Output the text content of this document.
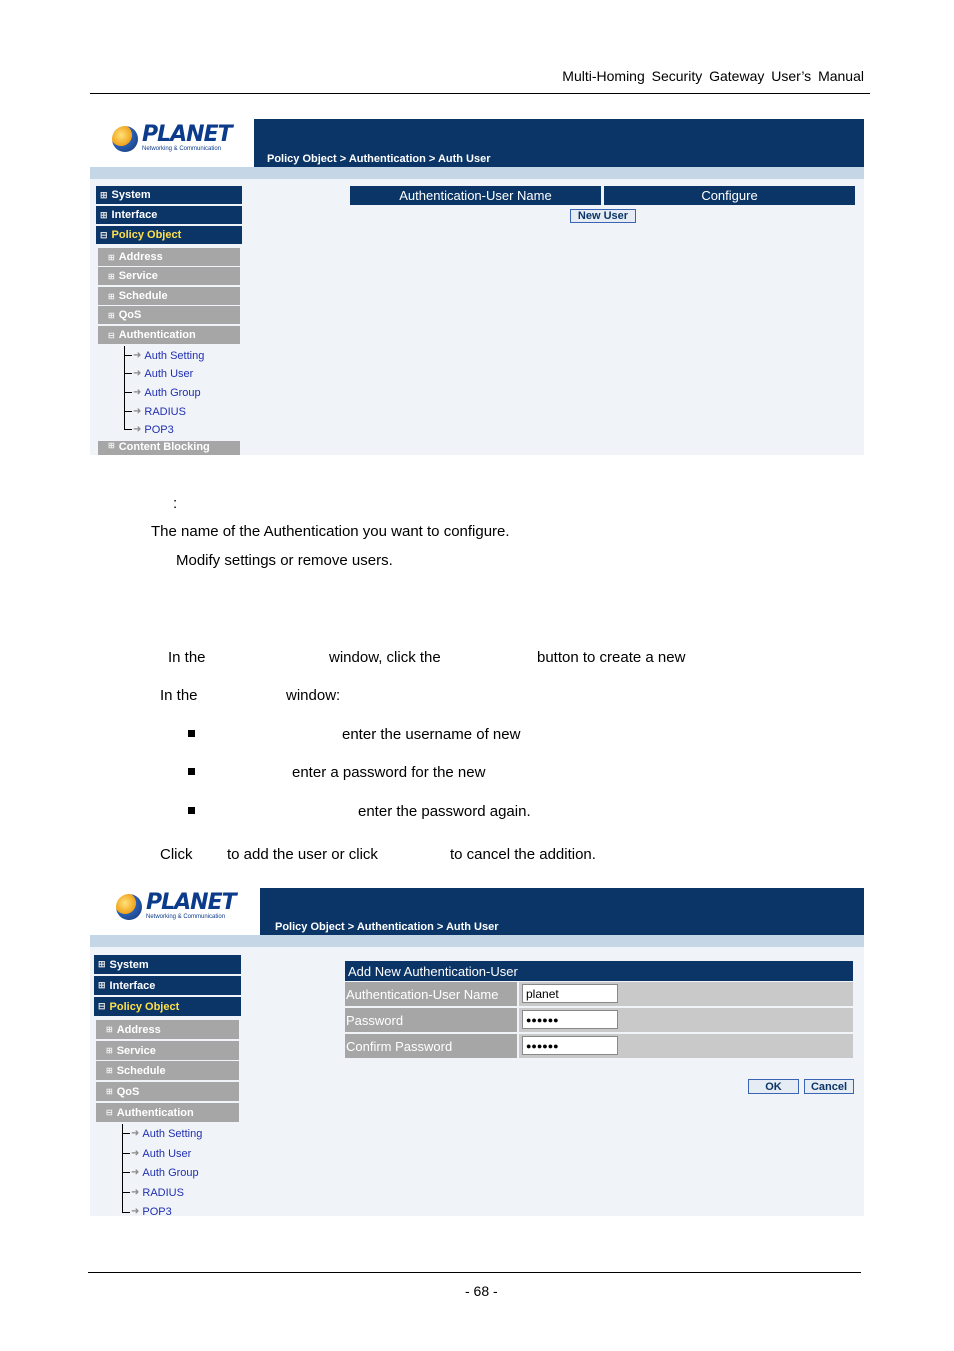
Multi-Homing Security Gateway User’s Manual
PLANET
Networking & Communication
Policy Object > Authentication > Auth User
⊞ System
⊞ Interface
⊟ Policy Object
⊞ Address
⊞ Service
⊞ Schedule
⊞ QoS
⊟ Authentication
➜ Auth Setting
➜ Auth User
➜ Auth Group
➜ RADIUS
➜ POP3
⊞ Content Blocking
Authentication-User Name	Configure
New User
:
The name of the Authentication you want to configure.
Modify settings or remove users.
In the	window, click the	button to create a new
In the	window:
enter the username of new
enter a password for the new
enter the password again.
Click to add the user or click	to cancel the addition.
PLANET
Networking & Communication
Policy Object > Authentication > Auth User
⊞ System
⊞ Interface
⊟ Policy Object
⊞ Address
⊞ Service
⊞ Schedule
⊞ QoS
⊟ Authentication
➜ Auth Setting
➜ Auth User
➜ Auth Group
➜ RADIUS
➜ POP3
Add New Authentication-User
Authentication-User Name	planet
Password	●●●●●●
Confirm Password	●●●●●●
OK	Cancel
- 68 -
